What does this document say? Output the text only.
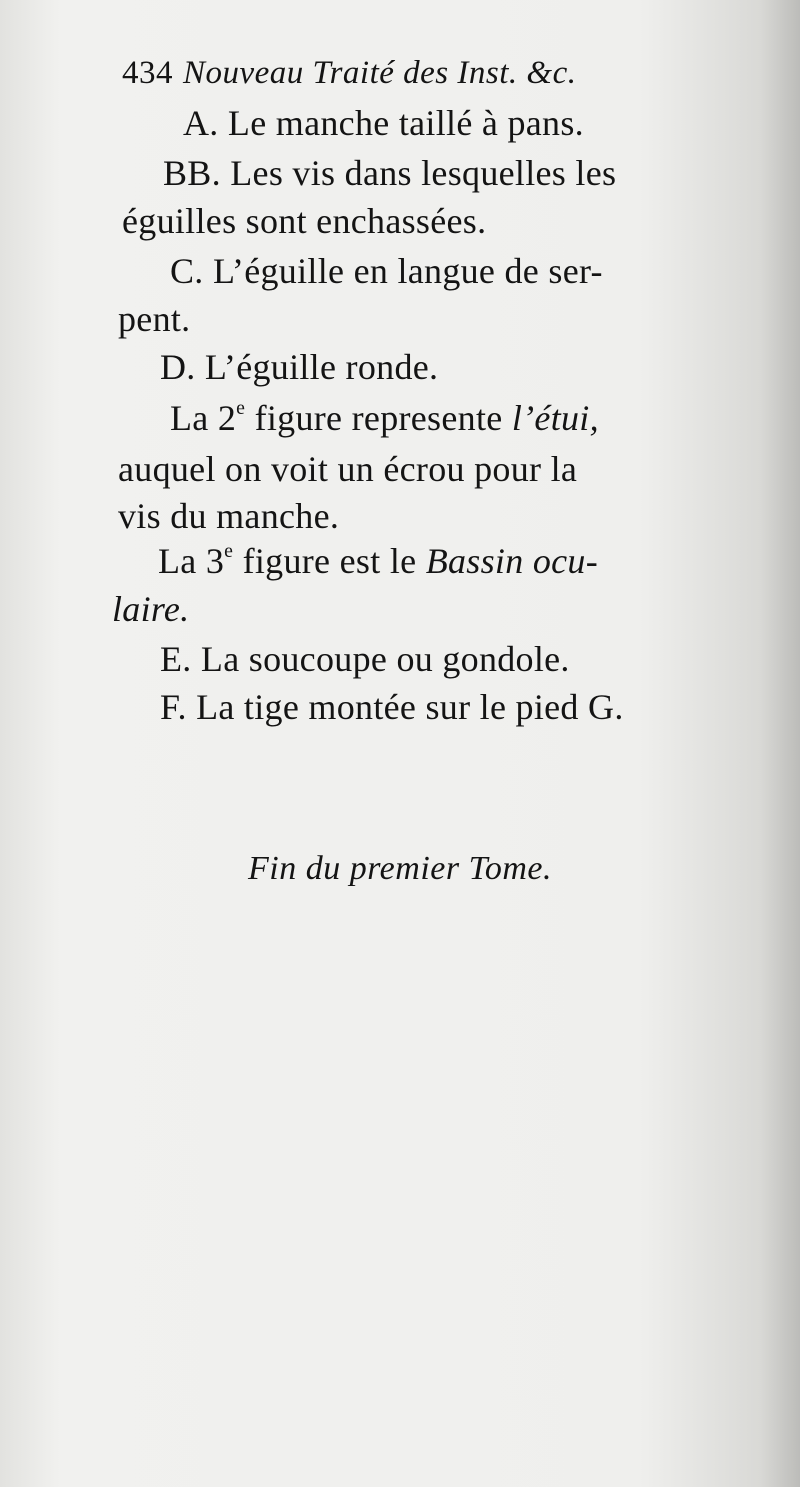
434 Nouveau Traité des Inst. &c.
A. Le manche taillé à pans.
BB. Les vis dans lesquelles les
éguilles sont enchassées.
C. L’éguille en langue de ser-
pent.
D. L’éguille ronde.
La 2e figure represente l’étui,
auquel on voit un écrou pour la
vis du manche.
La 3e figure est le Bassin ocu-
laire.
E. La soucoupe ou gondole.
F. La tige montée sur le pied G.
Fin du premier Tome.
